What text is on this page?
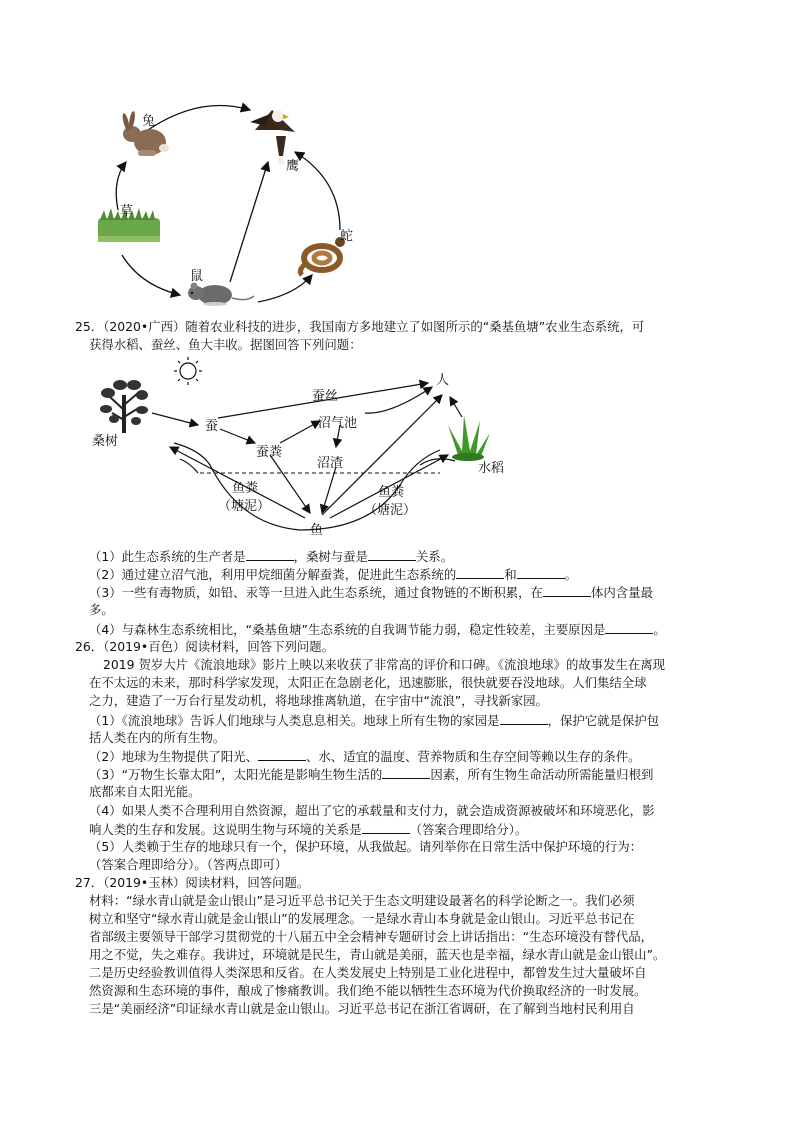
兔
鹰
草
蛇
鼠
25．（2020•广西）随着农业科技的进步，我国南方多地建立了如图所示的“桑基鱼塘”农业生态系统，可
获得水稻、蚕丝、鱼大丰收。据图回答下列问题：
蚕丝
人
蚕
桑树
沼气池
蚕粪
沼渣	水稻
鱼粪
（塘泥）
鱼粪
（塘泥）
鱼
（1）此生态系统的生产者是	，桑树与蚕是	关系。
（2）通过建立沼气池，利用甲烷细菌分解蚕粪，促进此生态系统的	和	。
（3）一些有毒物质，如铅、汞等一旦进入此生态系统，通过食物链的不断积累，在	体内含量最
多。
（4）与森林生态系统相比，“桑基鱼塘”生态系统的自我调节能力弱，稳定性较差，主要原因是	。
26．（2019•百色）阅读材料，回答下列问题。
2019 贺岁大片《流浪地球》影片上映以来收获了非常高的评价和口碑。《流浪地球》的故事发生在离现
在不太远的未来，那时科学家发现，太阳正在急剧老化，迅速膨胀，很快就要吞没地球。人们集结全球
之力，建造了一万台行星发动机，将地球推离轨道，在宇宙中“流浪”，寻找新家园。
（1）《流浪地球》告诉人们地球与人类息息相关。地球上所有生物的家园是	，保护它就是保护包
括人类在内的所有生物。
（2）地球为生物提供了阳光、	、水、适宜的温度、营养物质和生存空间等赖以生存的条件。
（3）“万物生长靠太阳”，太阳光能是影响生物生活的	因素，所有生物生命活动所需能量归根到
底都来自太阳光能。
（4）如果人类不合理利用自然资源，超出了它的承载量和支付力，就会造成资源被破坏和环境恶化，影
响人类的生存和发展。这说明生物与环境的关系是	（答案合理即给分）。
（5）人类赖于生存的地球只有一个，保护环境，从我做起。请列举你在日常生活中保护环境的行为：
（答案合理即给分）。（答两点即可）
27．（2019•玉林）阅读材料，回答问题。
材料：“绿水青山就是金山银山”是习近平总书记关于生态文明建设最著名的科学论断之一。我们必须
树立和坚守“绿水青山就是金山银山”的发展理念。一是绿水青山本身就是金山银山。习近平总书记在
省部级主要领导干部学习贯彻党的十八届五中全会精神专题研讨会上讲话指出：“生态环境没有替代品，
用之不觉，失之难存。我讲过，环境就是民生，青山就是美丽，蓝天也是幸福，绿水青山就是金山银山”。
二是历史经验教训值得人类深思和反省。在人类发展史上特别是工业化进程中，都曾发生过大量破坏自
然资源和生态环境的事件，酿成了惨痛教训。我们绝不能以牺牲生态环境为代价换取经济的一时发展。
三是“美丽经济”印证绿水青山就是金山银山。习近平总书记在浙江省调研，在了解到当地村民利用自
